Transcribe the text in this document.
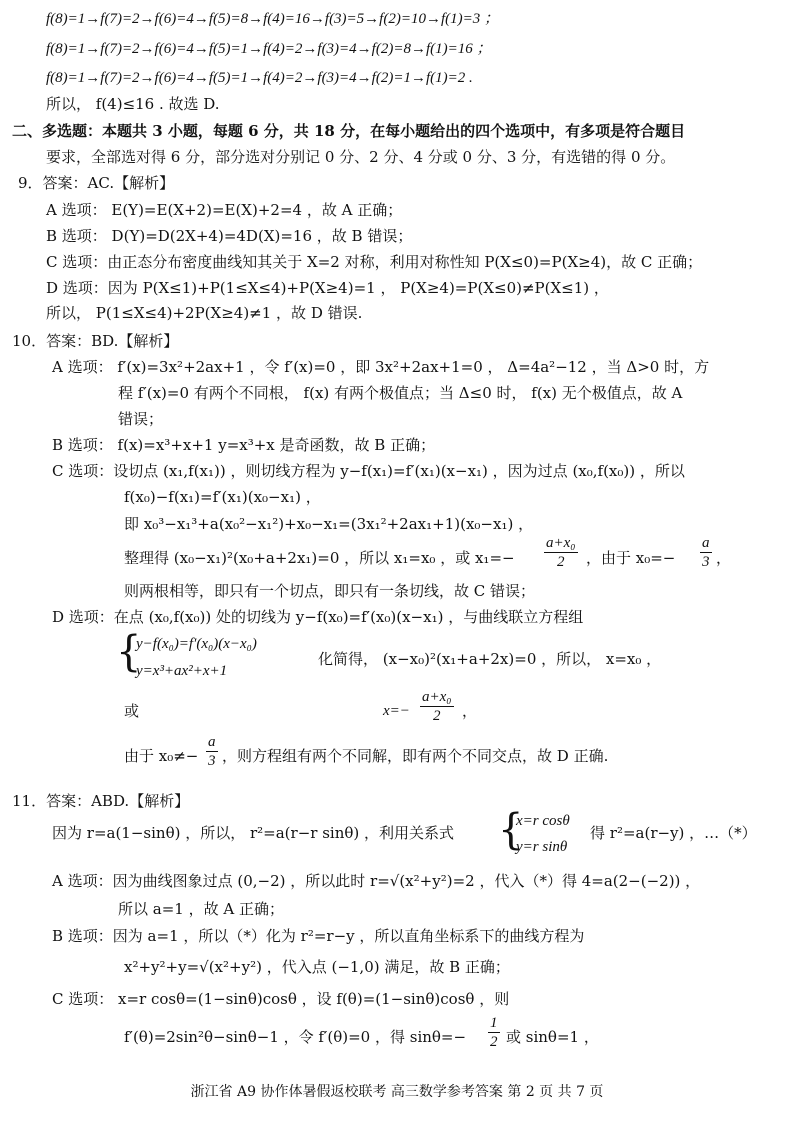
f(8)=1→f(7)=2→f(6)=4→f(5)=8→f(4)=16→f(3)=5→f(2)=10→f(1)=3 ；
f(8)=1→f(7)=2→f(6)=4→f(5)=1→f(4)=2→f(3)=4→f(2)=8→f(1)=16 ；
f(8)=1→f(7)=2→f(6)=4→f(5)=1→f(4)=2→f(3)=4→f(2)=1→f(1)=2 .
所以， f(4)≤16 . 故选 D.
二、多选题：本题共 3 小题，每题 6 分，共 18 分，在每小题给出的四个选项中，有多项是符合题目
要求，全部选对得 6 分，部分选对分别记 0 分、2 分、4 分或 0 分、3 分，有选错的得 0 分。
9．答案：AC.【解析】
A 选项： E(Y)=E(X+2)=E(X)+2=4 ，故 A 正确；
B 选项： D(Y)=D(2X+4)=4D(X)=16 ，故 B 错误；
C 选项：由正态分布密度曲线知其关于 X=2 对称，利用对称性知 P(X≤0)=P(X≥4)，故 C 正确；
D 选项：因为 P(X≤1)+P(1≤X≤4)+P(X≥4)=1 ， P(X≥4)=P(X≤0)≠P(X≤1) ，
所以， P(1≤X≤4)+2P(X≥4)≠1 ，故 D 错误.
10．答案：BD.【解析】
A 选项： f′(x)=3x²+2ax+1 ，令 f′(x)=0 ，即 3x²+2ax+1=0 ， Δ=4a²−12 ，当 Δ>0 时，方
程 f′(x)=0 有两个不同根， f(x) 有两个极值点；当 Δ≤0 时， f(x) 无个极值点，故 A
错误；
B 选项： f(x)=x³+x+1 y=x³+x 是奇函数，故 B 正确；
C 选项：设切点 (x₁,f(x₁)) ，则切线方程为 y−f(x₁)=f′(x₁)(x−x₁) ，因为过点 (x₀,f(x₀)) ，所以
f(x₀)−f(x₁)=f′(x₁)(x₀−x₁) ，
即 x₀³−x₁³+a(x₀²−x₁²)+x₀−x₁=(3x₁²+2ax₁+1)(x₀−x₁) ，
整理得 (x₀−x₁)²(x₀+a+2x₁)=0 ，所以 x₁=x₀ ，或 $x_1=- \frac{\text{a+x₀}}{2}$ ，由于 $x_0=- \frac{a}{3}$ ，
则两根相等，即只有一个切点，即只有一条切线，故 C 错误；
D 选项：在点 (x₀,f(x₀)) 处的切线为 y−f(x₀)=f′(x₀)(x−x₁) ，与曲线联立方程组
{
y−f(x₀)=f′(x₀)(x−x₀)
y=x³+ax²+x+1
化简得， (x−x₀)²(x₁+a+2x)=0 ，所以， x=x₀ ，
或	$x=- \frac{\text{a+x₀}}{2}$ ，
由于 $x_0\ne- \frac{a}{3}$ ，则方程组有两个不同解，即有两个不同交点，故 D 正确.
11．答案：ABD.【解析】
因为 r=a(1−sinθ) ，所以， r²=a(r−r sinθ) ，利用关系式 {
x=r cosθ
y=r sinθ
得 r²=a(r−y) ，…（*）
A 选项：因为曲线图象过点 (0,−2) ，所以此时 r=√(x²+y²)=2 ，代入（*）得 4=a(2−(−2)) ，
所以 a=1 ，故 A 正确；
B 选项：因为 a=1 ，所以（*）化为 r²=r−y ，所以直角坐标系下的曲线方程为
x²+y²+y=√(x²+y²) ，代入点 (−1,0) 满足，故 B 正确；
C 选项： x=r cosθ=(1−sinθ)cosθ ，设 f(θ)=(1−sinθ)cosθ ，则
f′(θ)=2sin²θ−sinθ−1 ，令 f′(θ)=0 ，得 $\sin\theta=- \frac{1}{2}$ 或 sinθ=1 ，
浙江省 A9 协作体暑假返校联考 高三数学参考答案 第 2 页 共 7 页
